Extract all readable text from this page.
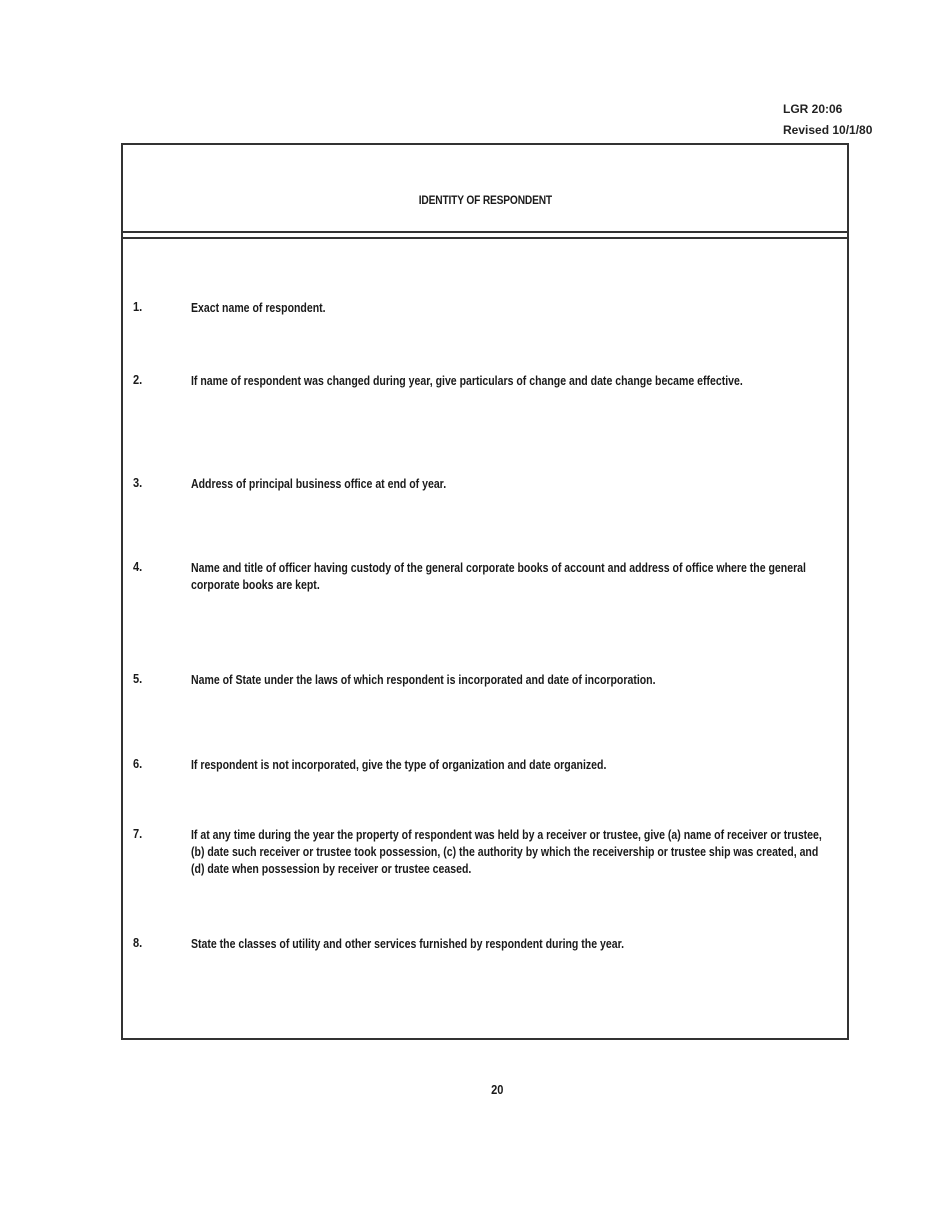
LGR 20:06
Revised 10/1/80
IDENTITY OF RESPONDENT
1.	Exact name of respondent.
2.	If name of respondent was changed during year, give particulars of change and date change became effective.
3.	Address of principal business office at end of year.
4.	Name and title of officer having custody of the general corporate books of account and address of office where the general corporate books are kept.
5.	Name of State under the laws of which respondent is incorporated and date of incorporation.
6.	If respondent is not incorporated, give the type of organization and date organized.
7.	If at any time during the year the property of respondent was held by a receiver or trustee, give (a) name of receiver or trustee, (b) date such receiver or trustee took possession, (c) the authority by which the receivership or trustee ship was created, and (d) date when possession by receiver or trustee ceased.
8.	State the classes of utility and other services furnished by respondent during the year.
20
